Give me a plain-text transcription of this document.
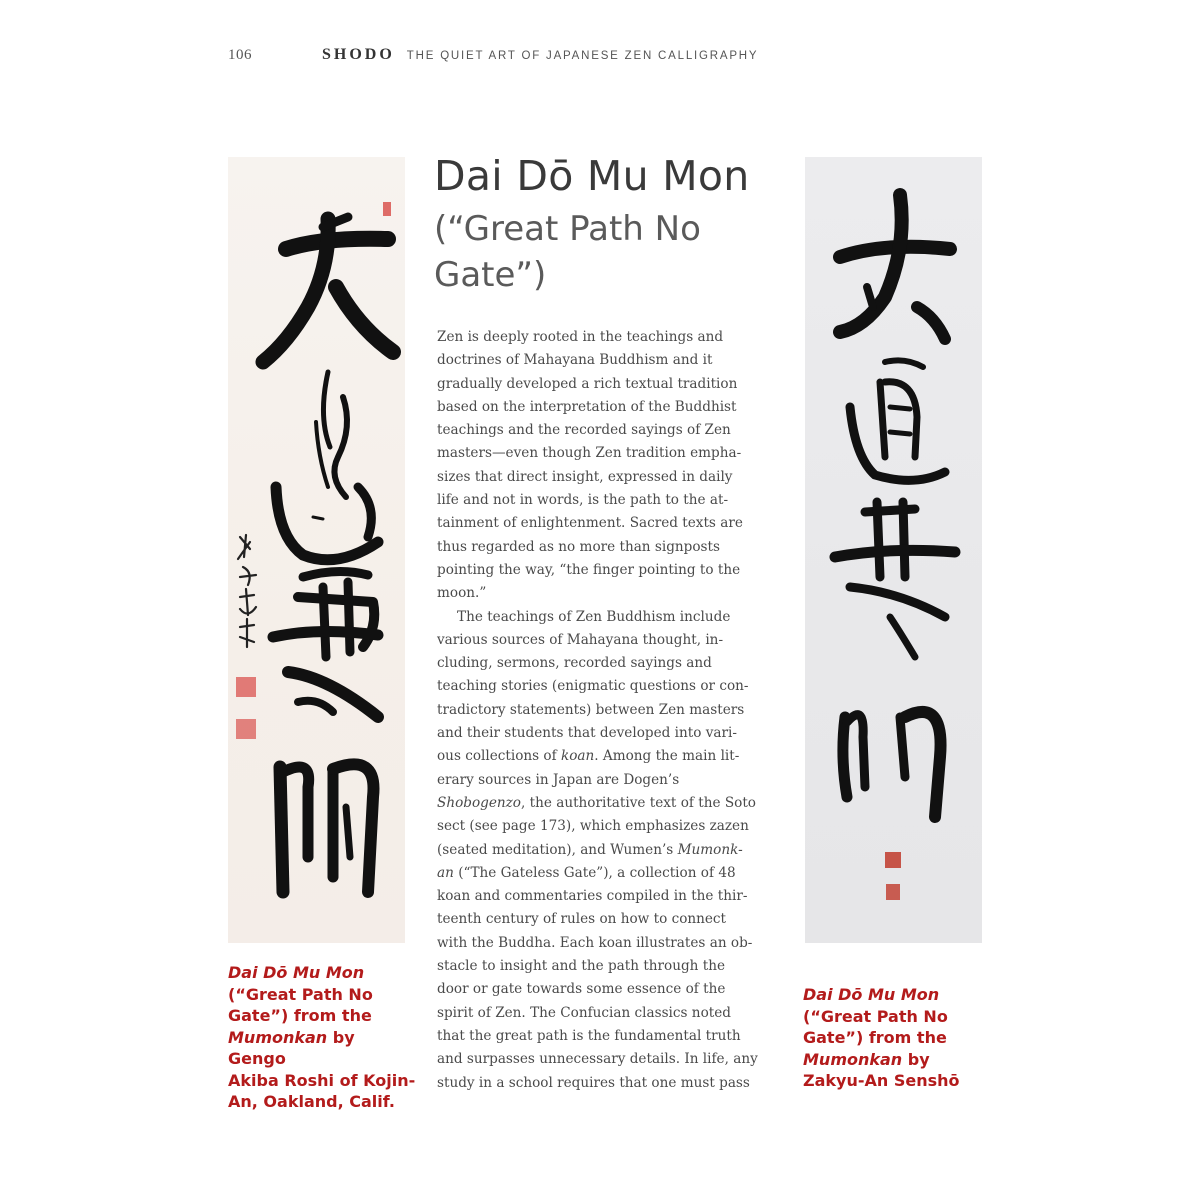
106	SHODO THE QUIET ART OF JAPANESE ZEN CALLIGRAPHY
Dai Dō Mu Mon
(“Great Path No
Gate”)

Zen is deeply rooted in the teachings and
doctrines of Mahayana Buddhism and it
gradually developed a rich textual tradition
based on the interpretation of the Buddhist
teachings and the recorded sayings of Zen
masters—even though Zen tradition empha-
sizes that direct insight, expressed in daily
life and not in words, is the path to the at-
tainment of enlightenment. Sacred texts are
thus regarded as no more than signposts
pointing the way, “the finger pointing to the
moon.”

The teachings of Zen Buddhism include
various sources of Mahayana thought, in-
cluding, sermons, recorded sayings and
teaching stories (enigmatic questions or con-
tradictory statements) between Zen masters
and their students that developed into vari-
ous collections of koan. Among the main lit-
erary sources in Japan are Dogen’s
Shobogenzo, the authoritative text of the Soto
sect (see page 173), which emphasizes zazen
(seated meditation), and Wumen’s Mumonk-
an (“The Gateless Gate”), a collection of 48
koan and commentaries compiled in the thir-
teenth century of rules on how to connect
with the Buddha. Each koan illustrates an ob-
stacle to insight and the path through the
door or gate towards some essence of the
spirit of Zen. The Confucian classics noted
that the great path is the fundamental truth
and surpasses unnecessary details. In life, any
study in a school requires that one must pass

Dai Dō Mu Mon
(“Great Path No
Gate”) from the
Mumonkan by Gengo
Akiba Roshi of Kojin-
An, Oakland, Calif.
Dai Dō Mu Mon
(“Great Path No
Gate”) from the
Mumonkan by
Zakyu-An Senshō
